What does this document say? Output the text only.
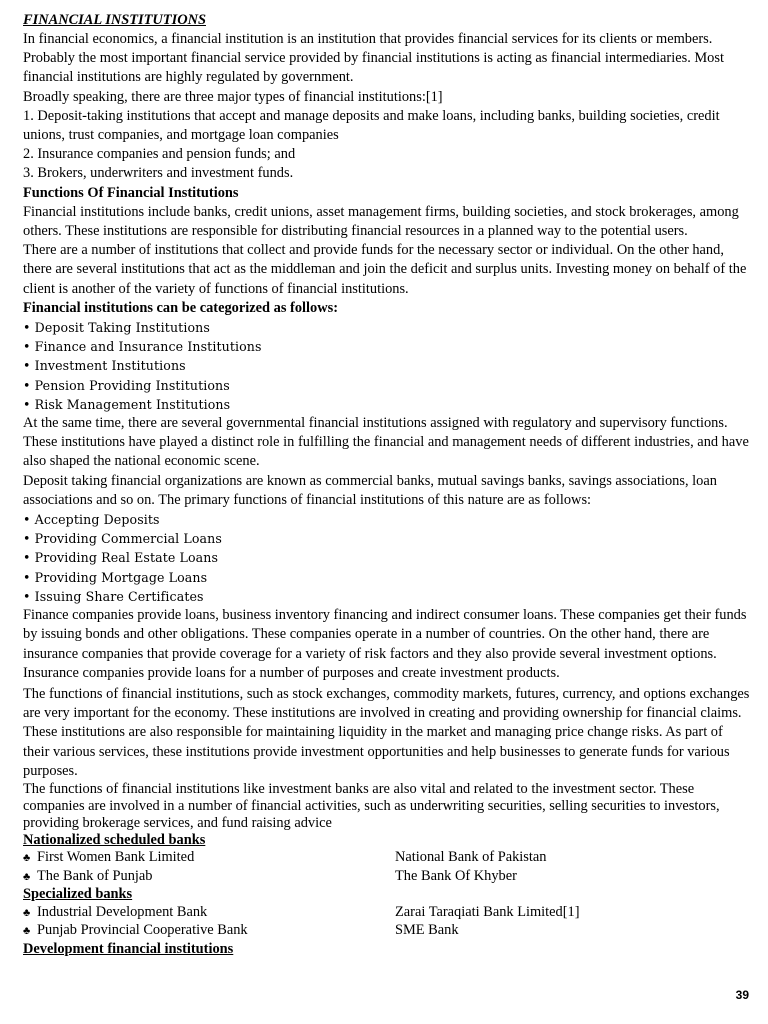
FINANCIAL INSTITUTIONS

In financial economics, a financial institution is an institution that provides financial services for its clients or members. Probably the most important financial service provided by financial institutions is acting as financial intermediaries. Most financial institutions are highly regulated by government.

Broadly speaking, there are three major types of financial institutions:[1]

1. Deposit-taking institutions that accept and manage deposits and make loans, including banks, building societies, credit unions, trust companies, and mortgage loan companies

2. Insurance companies and pension funds; and

3. Brokers, underwriters and investment funds.

Functions Of Financial Institutions

Financial institutions include banks, credit unions, asset management firms, building societies, and stock brokerages, among others. These institutions are responsible for distributing financial resources in a planned way to the potential users.

There are a number of institutions that collect and provide funds for the necessary sector or individual. On the other hand, there are several institutions that act as the middleman and join the deficit and surplus units. Investing money on behalf of the client is another of the variety of functions of financial institutions.

Financial institutions can be categorized as follows:

• Deposit Taking Institutions

• Finance and Insurance Institutions

• Investment Institutions

• Pension Providing Institutions

• Risk Management Institutions

At the same time, there are several governmental financial institutions assigned with regulatory and supervisory functions. These institutions have played a distinct role in fulfilling the financial and management needs of different industries, and have also shaped the national economic scene.

Deposit taking financial organizations are known as commercial banks, mutual savings banks, savings associations, loan associations and so on. The primary functions of financial institutions of this nature are as follows:

• Accepting Deposits

• Providing Commercial Loans

• Providing Real Estate Loans

• Providing Mortgage Loans

• Issuing Share Certificates

Finance companies provide loans, business inventory financing and indirect consumer loans. These companies get their funds by issuing bonds and other obligations. These companies operate in a number of countries. On the other hand, there are insurance companies that provide coverage for a variety of risk factors and they also provide several investment options. Insurance companies provide loans for a number of purposes and create investment products.

The functions of financial institutions, such as stock exchanges, commodity markets, futures, currency, and options exchanges are very important for the economy. These institutions are involved in creating and providing ownership for financial claims. These institutions are also responsible for maintaining liquidity in the market and managing price change risks. As part of their various services, these institutions provide investment opportunities and help businesses to generate funds for various purposes.

The functions of financial institutions like investment banks are also vital and related to the investment sector. These companies are involved in a number of financial activities, such as underwriting securities, selling securities to investors, providing brokerage services, and fund raising advice

Nationalized scheduled banks

♣ First Women Bank Limited	National Bank of Pakistan
♣ The Bank of Punjab	The Bank Of Khyber

Specialized banks

♣ Industrial Development Bank	Zarai Taraqiati Bank Limited[1]
♣ Punjab Provincial Cooperative Bank	SME Bank

Development financial institutions

39
